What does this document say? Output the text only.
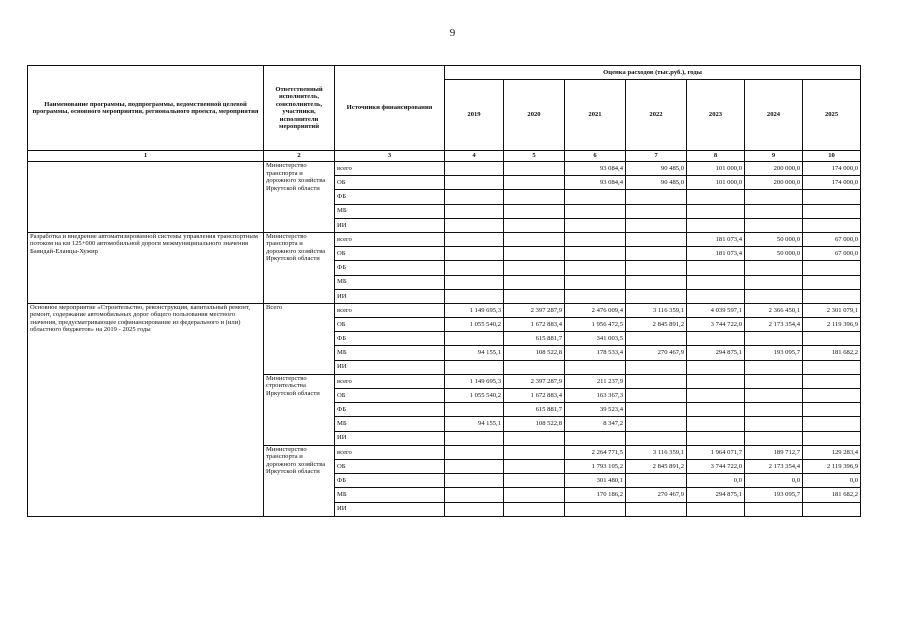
9
Наименование программы, подпрограммы, ведомственной целевой программы, основного мероприятия, регионального проекта, мероприятия	Ответственный исполнитель, соисполнитель, участники, исполнители мероприятий	Источники финансирования	Оценка расходов (тыс.руб.), годы						
			2019	2020	2021	2022	2023	2024	2025
1	2	3	4	5	6	7	8	9	10
	Министерство транспорта и дорожного хозяйства Иркутской области	всего			93 084,4	90 485,0	101 000,0	200 000,0	174 000,0
		ОБ			93 084,4	90 485,0	101 000,0	200 000,0	174 000,0
		ФБ							
		МБ							
		ИИ							
Разработка и внедрение автоматизированной системы управления транспортным потоком на км 125+000 автомобильной дороги межмуниципального значения Баяндай-Еланцы-Хужир	Министерство транспорта и дорожного хозяйства Иркутской области	всего					181 073,4	50 000,0	67 000,0
		ОБ					181 073,4	50 000,0	67 000,0
		ФБ							
		МБ							
		ИИ							
Основное мероприятие «Строительство, реконструкция, капитальный ремонт, ремонт, содержание автомобильных дорог общего пользования местного значения, предусматривающее софинансирование из федерального и (или) областного бюджетов» на 2019 - 2025 годы	Всего	всего	1 149 695,3	2 397 287,9	2 476 009,4	3 116 359,1	4 039 597,1	2 366 450,1	2 301 079,1
		ОБ	1 055 540,2	1 672 883,4	1 956 472,5	2 845 891,2	3 744 722,0	2 173 354,4	2 119 396,9
		ФБ		615 881,7	341 003,5				
		МБ	94 155,1	108 522,8	178 533,4	270 467,9	294 875,1	193 095,7	181 682,2
		ИИ							
	Министерство строительства Иркутской области	всего	1 149 695,3	2 397 287,9	211 237,9				
		ОБ	1 055 540,2	1 672 883,4	163 367,3				
		ФБ		615 881,7	39 523,4				
		МБ	94 155,1	108 522,8	8 347,2				
		ИИ							
	Министерство транспорта и дорожного хозяйства Иркутской области	всего			2 264 771,5	3 116 359,1	1 964 071,7	189 712,7	129 283,4
		ОБ			1 793 105,2	2 845 891,2	3 744 722,0	2 173 354,4	2 119 396,9
		ФБ			301 480,1		0,0	0,0	0,0
		МБ			170 186,2	270 467,9	294 875,1	193 095,7	181 682,2
		ИИ							
